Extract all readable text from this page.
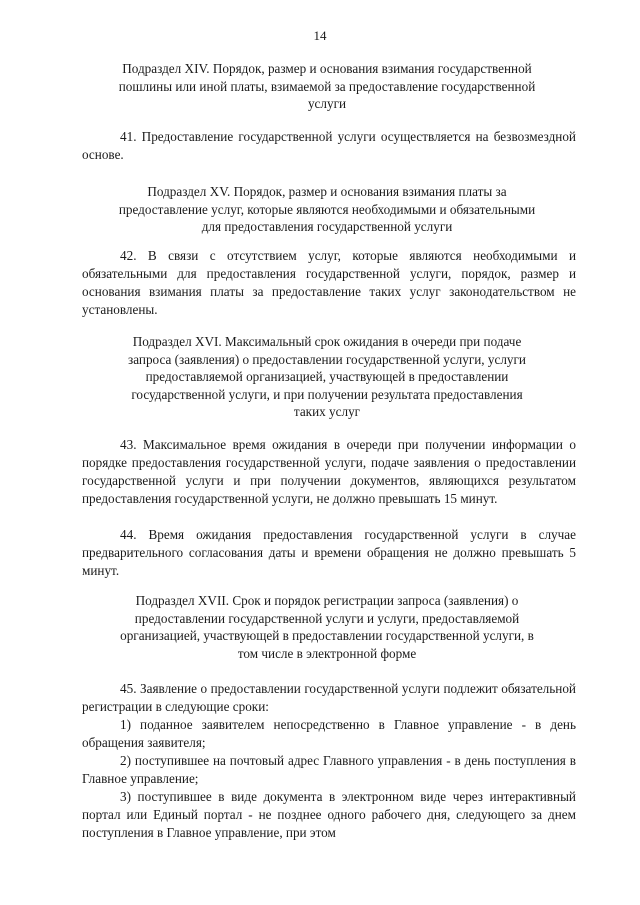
14
Подраздел XIV. Порядок, размер и основания взимания государственной
пошлины или иной платы, взимаемой за предоставление государственной
услуги

41. Предоставление государственной услуги осуществляется на безвозмездной основе.

Подраздел XV. Порядок, размер и основания взимания платы за
предоставление услуг, которые являются необходимыми и обязательными
для предоставления государственной услуги

42. В связи с отсутствием услуг, которые являются необходимыми и обязательными для предоставления государственной услуги, порядок, размер и основания взимания платы за предоставление таких услуг законодательством не установлены.

Подраздел XVI. Максимальный срок ожидания в очереди при подаче
запроса (заявления) о предоставлении государственной услуги, услуги
предоставляемой организацией, участвующей в предоставлении
государственной услуги, и при получении результата предоставления
таких услуг

43. Максимальное время ожидания в очереди при получении информации о порядке предоставления государственной услуги, подаче заявления о предоставлении государственной услуги и при получении документов, являющихся результатом предоставления государственной услуги, не должно превышать 15 минут.

44. Время ожидания предоставления государственной услуги в случае предварительного согласования даты и времени обращения не должно превышать 5 минут.

Подраздел XVII. Срок и порядок регистрации запроса (заявления) о
предоставлении государственной услуги и услуги, предоставляемой
организацией, участвующей в предоставлении государственной услуги, в
том числе в электронной форме

45. Заявление о предоставлении государственной услуги подлежит обязательной регистрации в следующие сроки:

1) поданное заявителем непосредственно в Главное управление - в день обращения заявителя;

2) поступившее на почтовый адрес Главного управления - в день поступления в Главное управление;

3) поступившее в виде документа в электронном виде через интерактивный портал или Единый портал - не позднее одного рабочего дня, следующего за днем поступления в Главное управление, при этом
